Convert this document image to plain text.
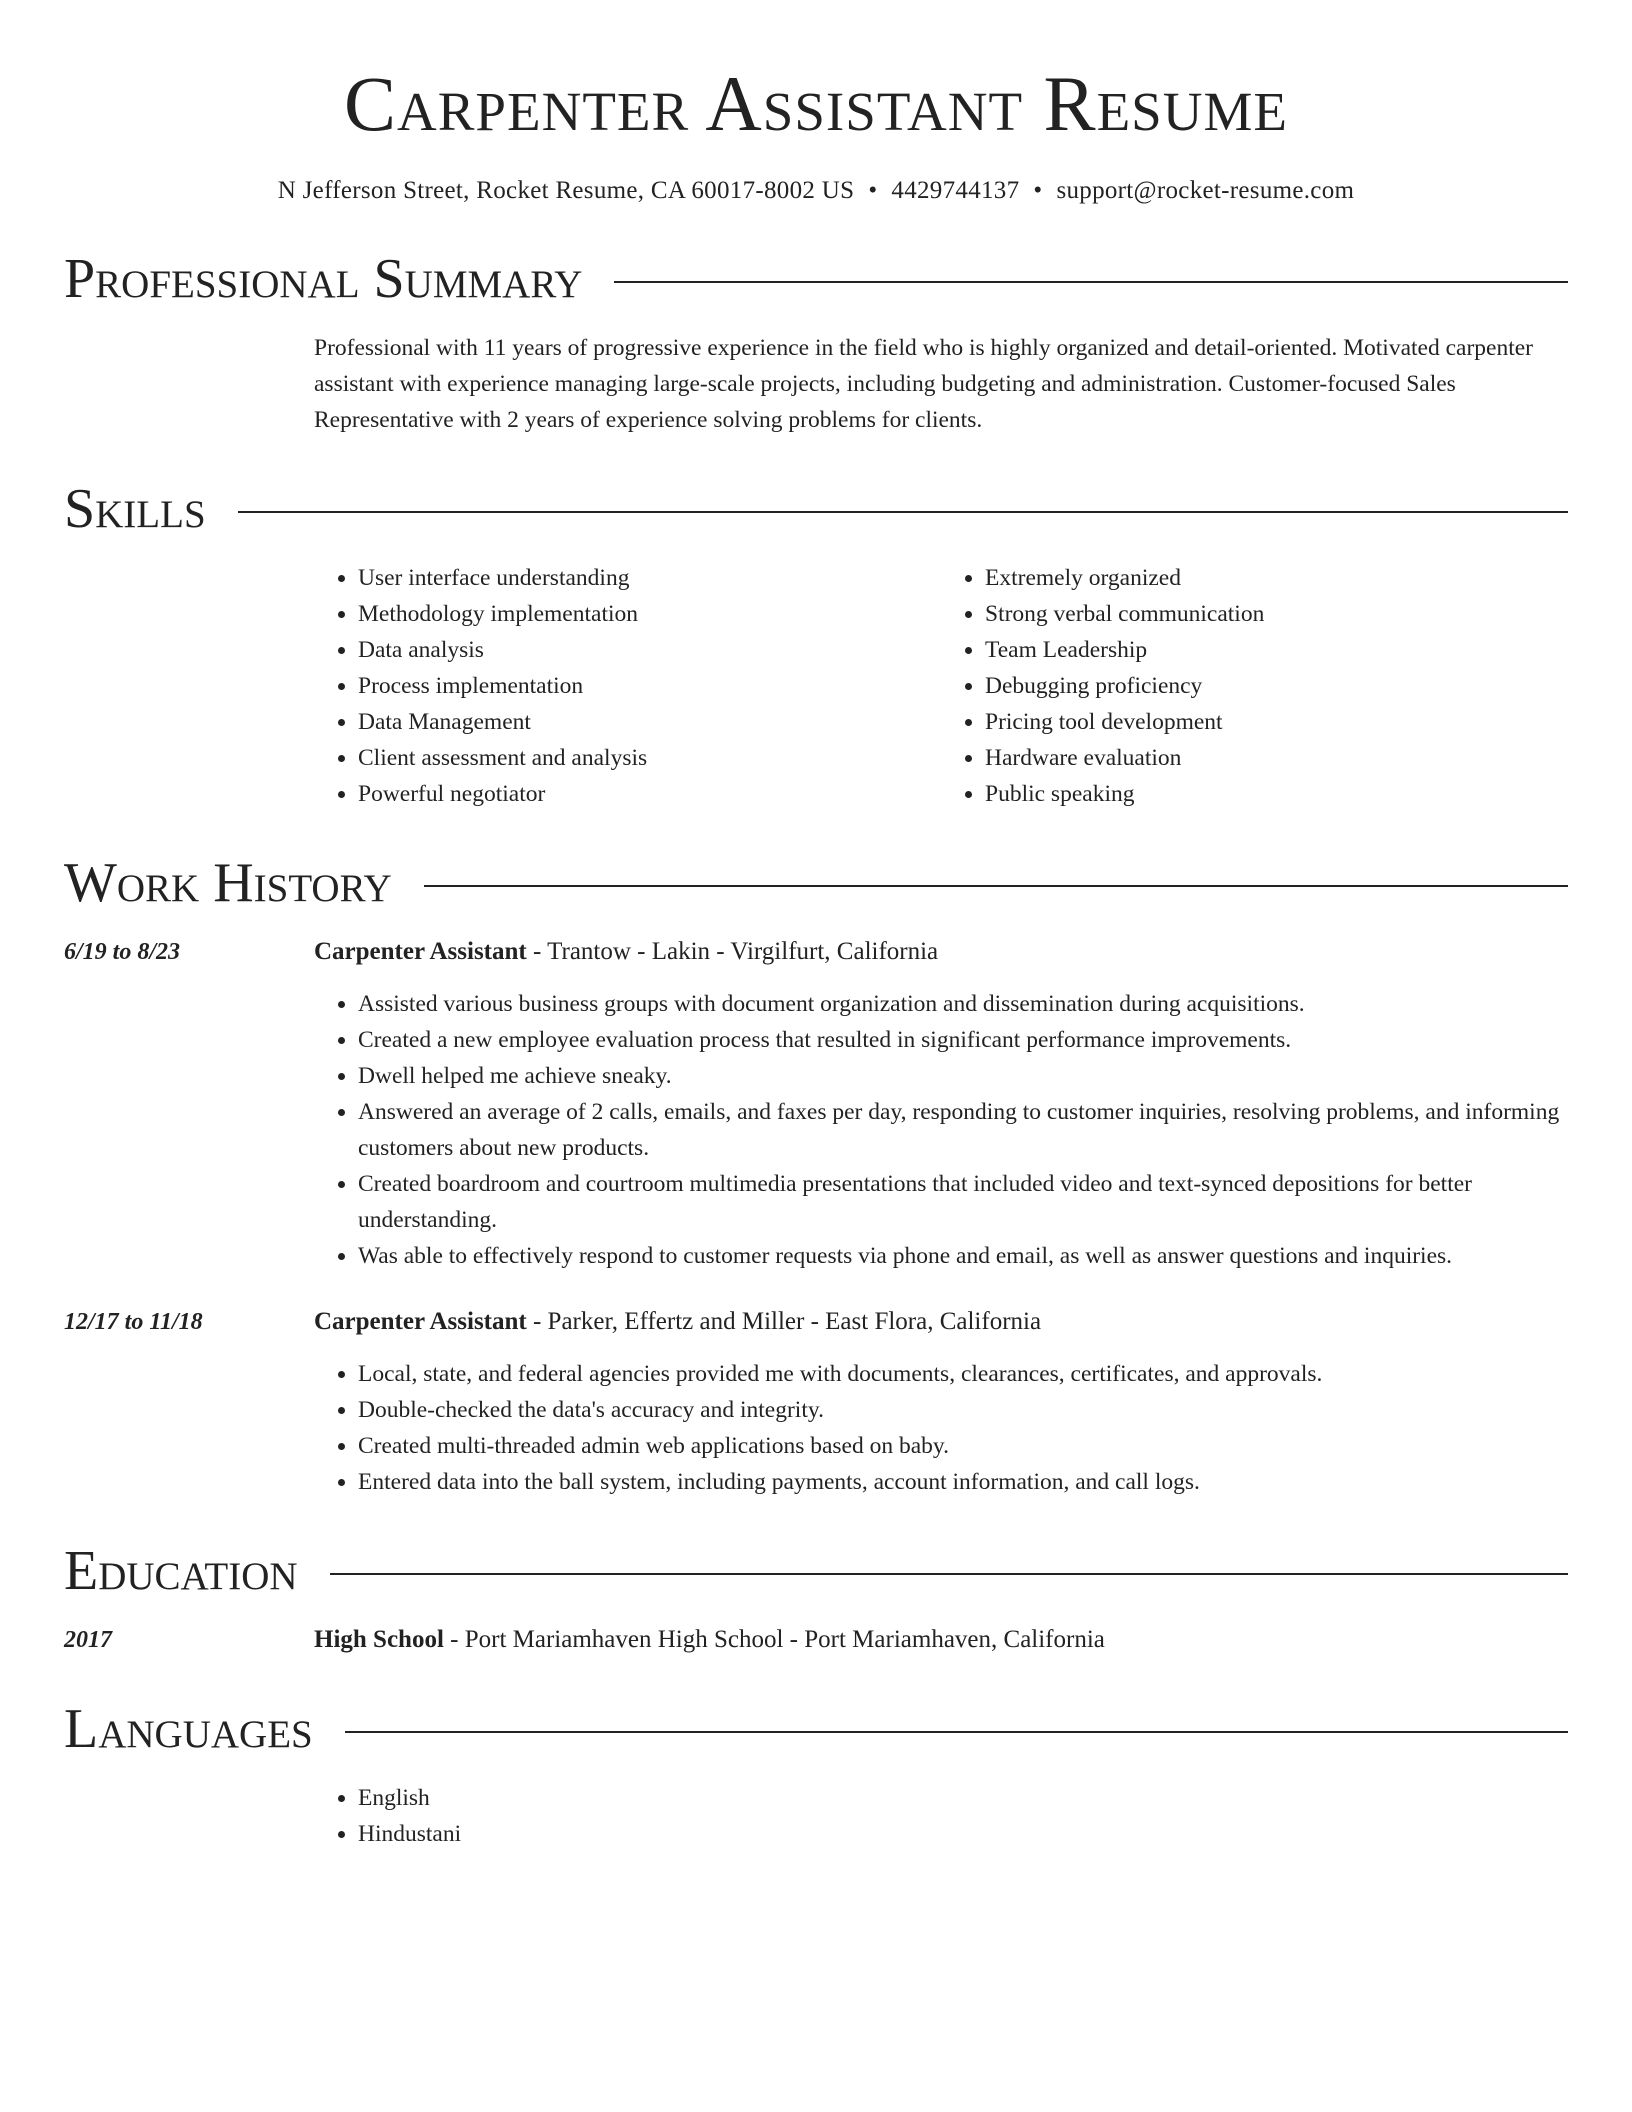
Carpenter Assistant Resume
N Jefferson Street, Rocket Resume, CA 60017-8002 US • 4429744137 • support@rocket-resume.com
Professional Summary
Professional with 11 years of progressive experience in the field who is highly organized and detail-oriented. Motivated carpenter assistant with experience managing large-scale projects, including budgeting and administration. Customer-focused Sales Representative with 2 years of experience solving problems for clients.
Skills
• User interface understanding
• Methodology implementation
• Data analysis
• Process implementation
• Data Management
• Client assessment and analysis
• Powerful negotiator
• Extremely organized
• Strong verbal communication
• Team Leadership
• Debugging proficiency
• Pricing tool development
• Hardware evaluation
• Public speaking
Work History
6/19 to 8/23	Carpenter Assistant - Trantow - Lakin - Virgilfurt, California
• Assisted various business groups with document organization and dissemination during acquisitions.
• Created a new employee evaluation process that resulted in significant performance improvements.
• Dwell helped me achieve sneaky.
• Answered an average of 2 calls, emails, and faxes per day, responding to customer inquiries, resolving problems, and informing customers about new products.
• Created boardroom and courtroom multimedia presentations that included video and text-synced depositions for better understanding.
• Was able to effectively respond to customer requests via phone and email, as well as answer questions and inquiries.
12/17 to 11/18	Carpenter Assistant - Parker, Effertz and Miller - East Flora, California
• Local, state, and federal agencies provided me with documents, clearances, certificates, and approvals.
• Double-checked the data's accuracy and integrity.
• Created multi-threaded admin web applications based on baby.
• Entered data into the ball system, including payments, account information, and call logs.
Education
2017	High School - Port Mariamhaven High School - Port Mariamhaven, California
Languages
• English
• Hindustani
